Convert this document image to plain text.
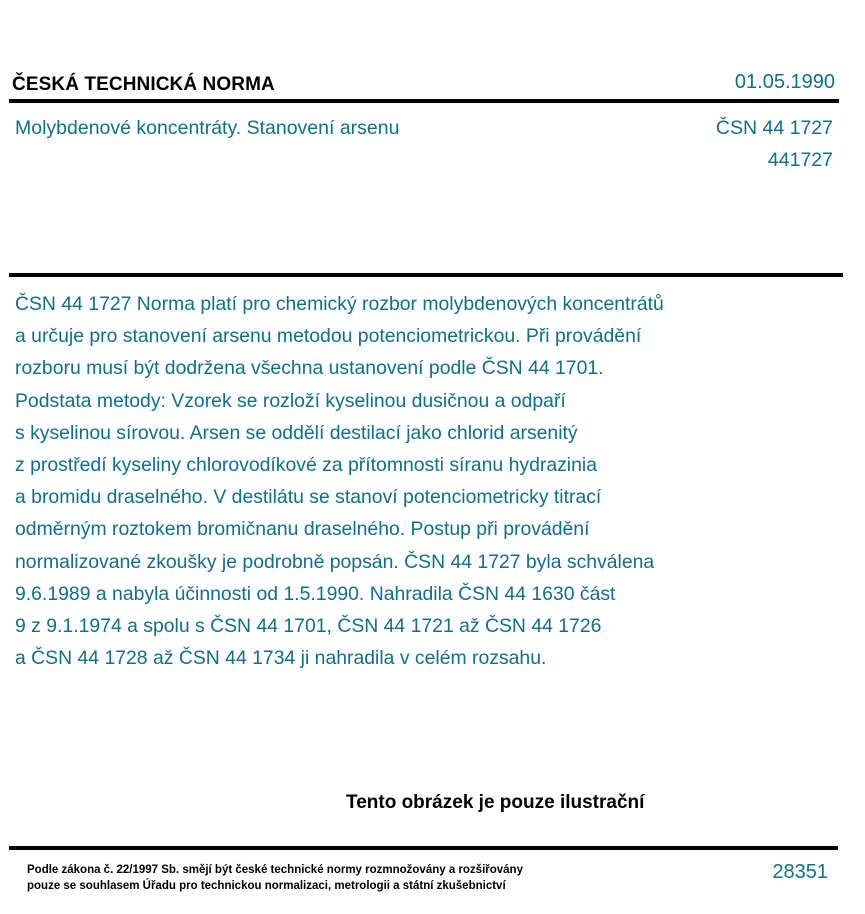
ČESKÁ TECHNICKÁ NORMA	01.05.1990
Molybdenové koncentráty. Stanovení arsenu	ČSN 44 1727
441727
ČSN 44 1727 Norma platí pro chemický rozbor molybdenových koncentrátů
a určuje pro stanovení arsenu metodou potenciometrickou. Při provádění
rozboru musí být dodržena všechna ustanovení podle ČSN 44 1701.
Podstata metody: Vzorek se rozloží kyselinou dusičnou a odpaří
s kyselinou sírovou. Arsen se oddělí destilací jako chlorid arsenitý
z prostředí kyseliny chlorovodíkové za přítomnosti síranu hydrazinia
a bromidu draselného. V destilátu se stanoví potenciometricky titrací
odměrným roztokem bromičnanu draselného. Postup při provádění
normalizované zkoušky je podrobně popsán. ČSN 44 1727 byla schválena
9.6.1989 a nabyla účinnosti od 1.5.1990. Nahradila ČSN 44 1630 část
9 z 9.1.1974 a spolu s ČSN 44 1701, ČSN 44 1721 až ČSN 44 1726
a ČSN 44 1728 až ČSN 44 1734 ji nahradila v celém rozsahu.
Tento obrázek je pouze ilustrační
Podle zákona č. 22/1997 Sb. smějí být české technické normy rozmnožovány a rozšiřovány
pouze se souhlasem Úřadu pro technickou normalizaci, metrologii a státní zkušebnictví
28351
